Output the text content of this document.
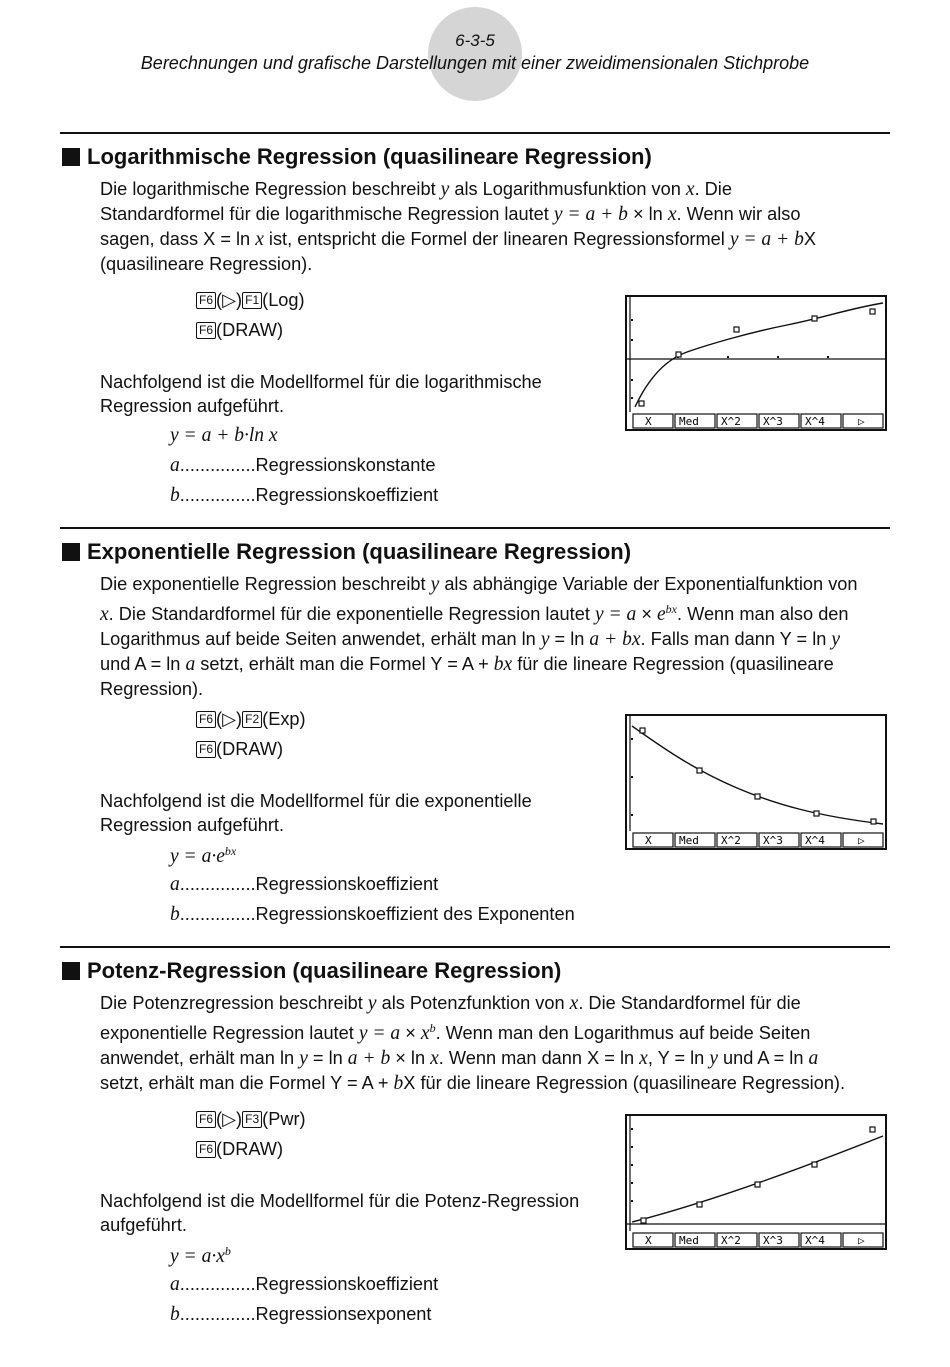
6-3-5
Berechnungen und grafische Darstellungen mit einer zweidimensionalen Stichprobe
Logarithmische Regression (quasilineare Regression)

Die logarithmische Regression beschreibt y als Logarithmusfunktion von x. Die
Standardformel für die logarithmische Regression lautet y = a + b × ln x. Wenn wir also
sagen, dass X = ln x ist, entspricht die Formel der linearen Regressionsformel y = a + bX
(quasilineare Regression).

F6 (▷) F1 (Log)
F6 (DRAW)
Nachfolgend ist die Modellformel für die logarithmische
Regression aufgeführt.
y = a + b·ln x
a...............Regressionskonstante
b...............Regressionskoeffizient
X Med X^2 X^3 X^4	▷
Exponentielle Regression (quasilineare Regression)

Die exponentielle Regression beschreibt y als abhängige Variable der Exponentialfunktion von
x. Die Standardformel für die exponentielle Regression lautet $y = a \times e^{bx}$. Wenn man also den
Logarithmus auf beide Seiten anwendet, erhält man ln y = ln a + bx. Falls man dann Y = ln y
und A = ln a setzt, erhält man die Formel Y = A + bx für die lineare Regression (quasilineare
Regression).

F6 (▷) F2 (Exp)
F6 (DRAW)
Nachfolgend ist die Modellformel für die exponentielle
Regression aufgeführt.
$y = a\cdot e^{bx}$
a...............Regressionskoeffizient
b...............Regressionskoeffizient des Exponenten
X Med X^2 X^3 X^4	▷
Potenz-Regression (quasilineare Regression)

Die Potenzregression beschreibt y als Potenzfunktion von x. Die Standardformel für die
exponentielle Regression lautet $y = a \times x^b$. Wenn man den Logarithmus auf beide Seiten
anwendet, erhält man ln y = ln a + b × ln x. Wenn man dann X = ln x, Y = ln y und A = ln a
setzt, erhält man die Formel Y = A + bX für die lineare Regression (quasilineare Regression).

F6 (▷) F3 (Pwr)
F6 (DRAW)
Nachfolgend ist die Modellformel für die Potenz-Regression
aufgeführt.
$y = a\cdot x^b$
a...............Regressionskoeffizient
b...............Regressionsexponent
X Med X^2 X^3 X^4	▷
